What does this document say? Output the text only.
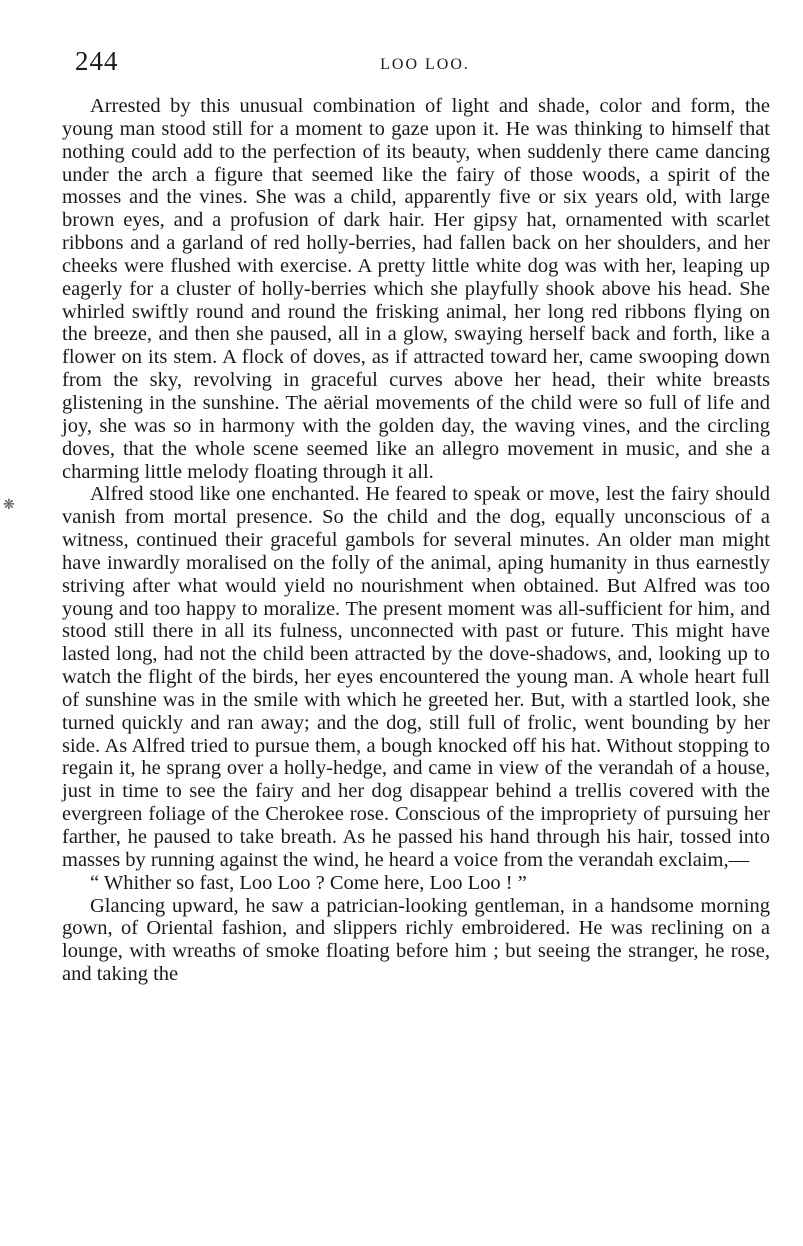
244	LOO LOO.
❋

Arrested by this unusual combination of light and shade, color and form, the young man stood still for a moment to gaze upon it. He was thinking to himself that nothing could add to the perfection of its beauty, when suddenly there came dancing under the arch a figure that seemed like the fairy of those woods, a spirit of the mosses and the vines. She was a child, apparently five or six years old, with large brown eyes, and a profusion of dark hair. Her gipsy hat, ornamented with scarlet ribbons and a garland of red holly-berries, had fallen back on her shoulders, and her cheeks were flushed with exercise. A pretty little white dog was with her, leaping up eagerly for a cluster of holly-berries which she playfully shook above his head. She whirled swiftly round and round the frisking animal, her long red ribbons flying on the breeze, and then she paused, all in a glow, swaying herself back and forth, like a flower on its stem. A flock of doves, as if attracted toward her, came swooping down from the sky, revolving in graceful curves above her head, their white breasts glistening in the sunshine. The aërial movements of the child were so full of life and joy, she was so in harmony with the golden day, the waving vines, and the circling doves, that the whole scene seemed like an allegro movement in music, and she a charming little melody floating through it all.

Alfred stood like one enchanted. He feared to speak or move, lest the fairy should vanish from mortal presence. So the child and the dog, equally unconscious of a witness, continued their graceful gambols for several minutes. An older man might have inwardly moralised on the folly of the animal, aping humanity in thus earnestly striving after what would yield no nourishment when obtained. But Alfred was too young and too happy to moralize. The present moment was all-sufficient for him, and stood still there in all its fulness, unconnected with past or future. This might have lasted long, had not the child been attracted by the dove-shadows, and, looking up to watch the flight of the birds, her eyes encountered the young man. A whole heart full of sunshine was in the smile with which he greeted her. But, with a startled look, she turned quickly and ran away; and the dog, still full of frolic, went bounding by her side. As Alfred tried to pursue them, a bough knocked off his hat. Without stopping to regain it, he sprang over a holly-hedge, and came in view of the verandah of a house, just in time to see the fairy and her dog disappear behind a trellis covered with the evergreen foliage of the Cherokee rose. Conscious of the impropriety of pursuing her farther, he paused to take breath. As he passed his hand through his hair, tossed into masses by running against the wind, he heard a voice from the verandah exclaim,—

“ Whither so fast, Loo Loo ? Come here, Loo Loo ! ”

Glancing upward, he saw a patrician-looking gentleman, in a handsome morning gown, of Oriental fashion, and slippers richly embroidered. He was reclining on a lounge, with wreaths of smoke floating before him ; but seeing the stranger, he rose, and taking the
